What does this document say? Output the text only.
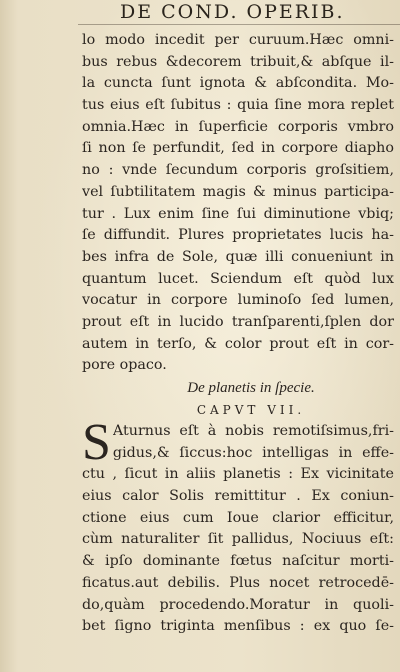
DE COND. OPERIB.
lo modo incedit per curuum.Hæc omni-
bus rebus &decorem tribuit,& abſque il-
la cuncta ſunt ignota & abſcondita. Mo-
tus eius eſt ſubitus : quia ſine mora replet
omnia.Hæc in ſuperficie corporis vmbro
ſi non ſe perfundit, ſed in corpore diapho
no : vnde ſecundum corporis groſsitiem,
vel ſubtilitatem magis & minus participa-
tur . Lux enim ſine ſui diminutione vbiq;
ſe diffundit. Plures proprietates lucis ha-
bes infra de Sole, quæ illi conueniunt in
quantum lucet. Sciendum eſt quòd lux
vocatur in corpore luminoſo ſed lumen,
prout eſt in lucido tranſparenti,ſplen dor
autem in terſo, & color prout eſt in cor-
pore opaco.
De planetis in ſpecie.
CAPVT VII.
S Aturnus eſt à nobis remotiſsimus,fri-
gidus,& ſiccus:hoc intelligas in effe-
ctu , ſicut in aliis planetis : Ex vicinitate
eius calor Solis remittitur . Ex coniun-
ctione eius cum Ioue clarior efficitur,
cùm naturaliter ſit pallidus, Nociuus eſt:
& ipſo dominante fœtus naſcitur morti-
ficatus.aut debilis. Plus nocet retrocedē-
do,quàm procedendo.Moratur in quoli-
bet ſigno triginta menſibus : ex quo ſe-
